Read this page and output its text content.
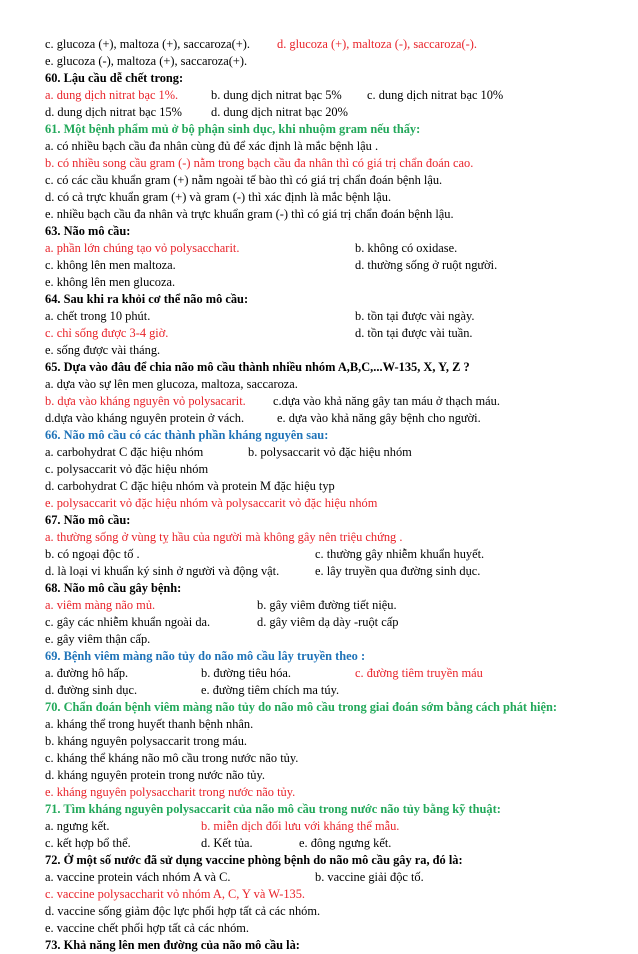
c. glucoza (+), maltoza (+), saccaroza(+). d. glucoza (+), maltoza (-), saccaroza(-).
e. glucoza (-), maltoza (+), saccaroza(+).
60. Lậu cầu dễ chết trong:
a. dung dịch nitrat bạc 1%.	b. dung dịch nitrat bạc 5% c. dung dịch nitrat bạc 10%
d. dung dịch nitrat bạc 15% d. dung dịch nitrat bạc 20%
61. Một bệnh phẩm mủ ở bộ phận sinh dục, khi nhuộm gram nếu thấy:
a. có nhiều bạch cầu đa nhân cùng đủ để xác định là mắc bệnh lậu .
b. có nhiều song cầu gram (-) nằm trong bạch cầu đa nhân thì có giá trị chẩn đoán cao.
c. có các cầu khuẩn gram (+) nằm ngoài tế bào thì có giá trị chẩn đoán bệnh lậu.
d. có cả trực khuẩn gram (+) và gram (-) thì xác định là mắc bệnh lậu.
e. nhiều bạch cầu đa nhân và trực khuẩn gram (-) thì có giá trị chẩn đoán bệnh lậu.
63. Não mô cầu:
a. phần lớn chúng tạo vỏ polysaccharit.	b. không có oxidase.
c. không lên men maltoza.	d. thường sống ở ruột người.
e. không lên men glucoza.
64. Sau khi ra khỏi cơ thể não mô cầu:
a. chết trong 10 phút.	b. tồn tại được vài ngày.
c. chỉ sống được 3-4 giờ.	d. tồn tại được vài tuần.
e. sống được vài tháng.
65. Dựa vào đâu để chia não mô cầu thành nhiều nhóm A,B,C,...W-135, X, Y, Z ?
a. dựa vào sự lên men glucoza, maltoza, saccaroza.
b. dựa vào kháng nguyên vỏ polysacarit. c.dựa vào khả năng gây tan máu ở thạch máu.
d.dựa vào kháng nguyên protein ở vách.	e. dựa vào khả năng gây bệnh cho người.
66. Não mô cầu có các thành phần kháng nguyên sau:
a. carbohydrat C đặc hiệu nhóm	b. polysaccarit vỏ đặc hiệu nhóm
c. polysaccarit vỏ đặc hiệu nhóm
d. carbohydrat C đặc hiệu nhóm và protein M đặc hiệu typ
e. polysaccarit vỏ đặc hiệu nhóm và polysaccarit vỏ đặc hiệu nhóm
67. Não mô cầu:
a. thường sống ở vùng tỵ hầu của người mà không gây nên triệu chứng .
b. có ngoại độc tố .	c. thường gây nhiễm khuẩn huyết.
d. là loại vi khuẩn ký sinh ở người và động vật.	e. lây truyền qua đường sinh dục.
68. Não mô cầu gây bệnh:
a. viêm màng não mủ.	b. gây viêm đường tiết niệu.
c. gây các nhiễm khuẩn ngoài da.	d. gây viêm dạ dày -ruột cấp
e. gây viêm thận cấp.
69. Bệnh viêm màng não tủy do não mô cầu lây truyền theo :
a. đường hô hấp.	b. đường tiêu hóa.	c. đường tiêm truyền máu
d. đường sinh dục.	e. đường tiêm chích ma túy.
70. Chẩn đoán bệnh viêm màng não tủy do não mô cầu trong giai đoán sớm bằng cách phát hiện:
a. kháng thể trong huyết thanh bệnh nhân.
b. kháng nguyên polysaccarit trong máu.
c. kháng thể kháng não mô cầu trong nước não tủy.
d. kháng nguyên protein trong nước não tủy.
e. kháng nguyên polysaccharit trong nước não tủy.
71. Tìm kháng nguyên polysaccarit của não mô cầu trong nước não tủy bằng kỹ thuật:
a. ngưng kết.	b. miễn dịch đối lưu với kháng thể mẫu.
c. kết hợp bổ thể.	d. Kết tủa.	e. đông ngưng kết.
72. Ở một số nước đã sử dụng vaccine phòng bệnh do não mô cầu gây ra, đó là:
a. vaccine protein vách nhóm A và C.	b. vaccine giải độc tố.
c. vaccine polysaccharit vỏ nhóm A, C, Y và W-135.
d. vaccine sống giảm độc lực phối hợp tất cả các nhóm.
e. vaccine chết phối hợp tất cả các nhóm.
73. Khả năng lên men đường của não mô cầu là:
